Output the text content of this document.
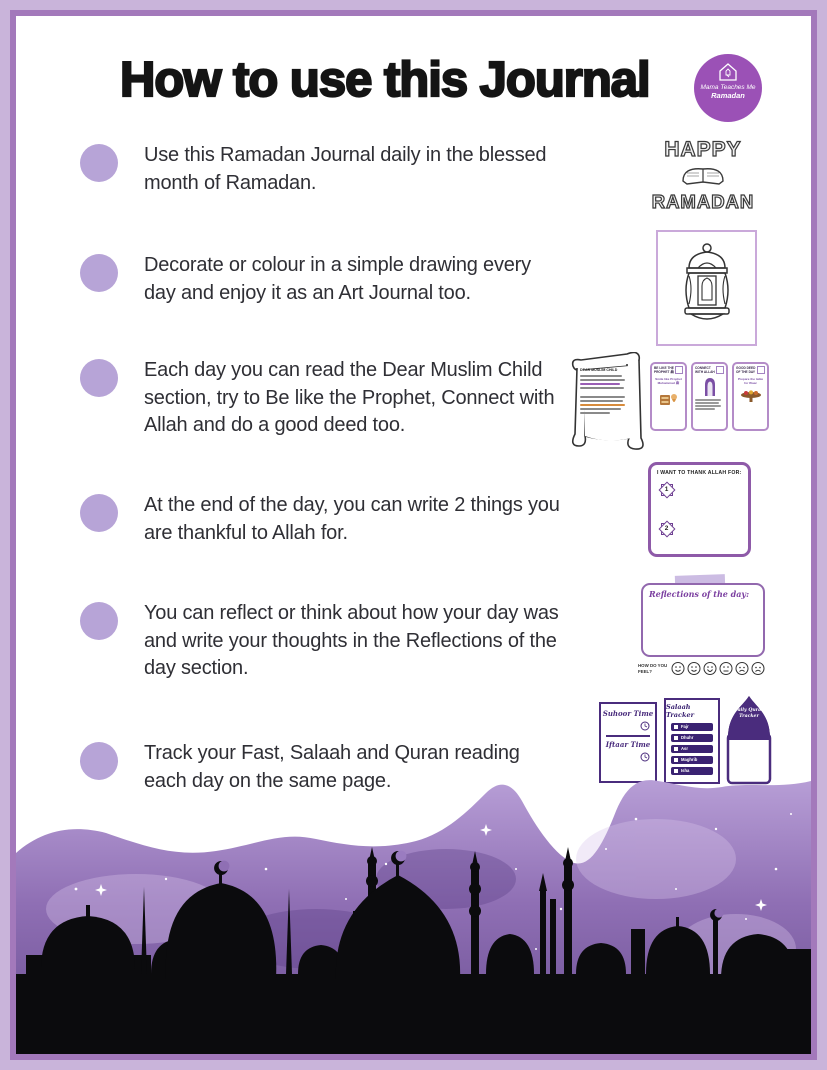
How to use this Journal	Mama Teaches Me
Ramadan
Use this Ramadan Journal daily in the blessed month of Ramadan.
Decorate or colour in a simple drawing every day and enjoy it as an Art Journal too.
Each day you can read the Dear Muslim Child section, try to Be like the Prophet, Connect with Allah and do a good deed too.
At the end of the day, you can write 2 things you are thankful to Allah for.
You can reflect or think about how your day was and write your thoughts in the Reflections of the day section.
Track your Fast, Salaah and Quran reading each day on the same page.
HAPPY
RAMADAN
DEAR MUSLIM CHILD	BE LIKE THE PROPHET ﷺ
Smile like Prophet Muhammad ﷺ
CONNECT WITH ALLAH
GOOD DEED OF THE DAY
Prepare the table for Iftaar
I WANT TO THANK ALLAH FOR:
1
2
Reflections of the day:
HOW DO YOU FEEL?
Suhoor Time
Iftaar Time
Salaah Tracker
Fajr
Dhuhr
Asr
Maghrib
Isha
Daily Quran
Tracker
